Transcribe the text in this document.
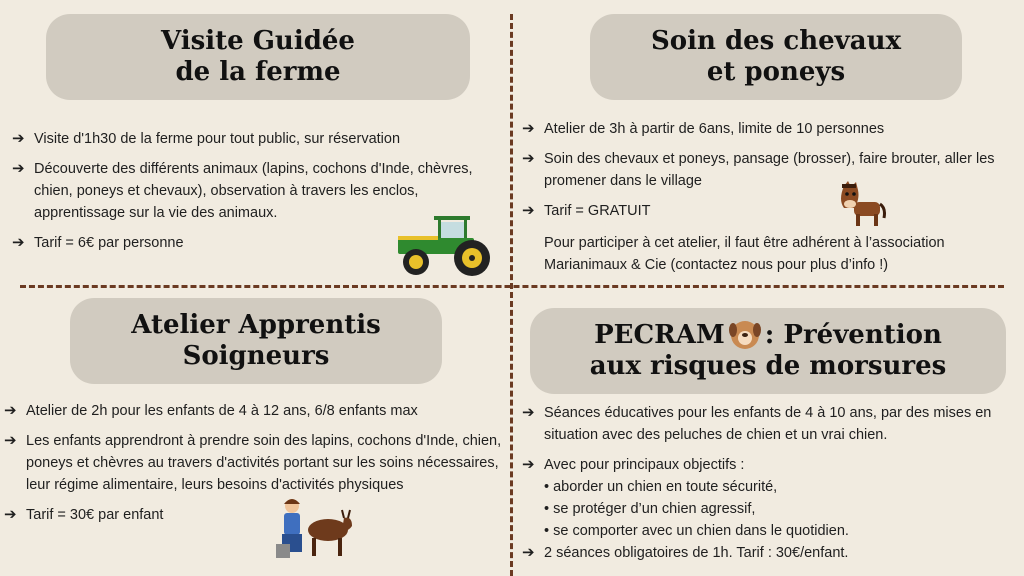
Visite Guidée
de la ferme
➔ Visite d'1h30 de la ferme pour tout public, sur réservation
➔ Découverte des différents animaux (lapins, cochons d'Inde, chèvres, chien, poneys et chevaux), observation à travers les enclos, apprentissage sur la vie des animaux.
➔ Tarif = 6€ par personne
Soin des chevaux
et poneys
➔ Atelier de 3h à partir de 6ans, limite de 10 personnes
➔ Soin des chevaux et poneys, pansage (brosser), faire brouter, aller les promener dans le village
➔ Tarif = GRATUIT
Pour participer à cet atelier, il faut être adhérent à l’association Marianimaux & Cie (contactez nous pour plus d’info !)
Atelier Apprentis
Soigneurs
➔ Atelier de 2h pour les enfants de 4 à 12 ans, 6/8 enfants max
➔ Les enfants apprendront à prendre soin des lapins, cochons d'Inde, chien, poneys et chèvres au travers d'activités portant sur les soins nécessaires, leur régime alimentaire, leurs besoins d'activités physiques
➔ Tarif = 30€ par enfant
PECRAM : Prévention
aux risques de morsures
➔ Séances éducatives pour les enfants de 4 à 10 ans, par des mises en situation avec des peluches de chien et un vrai chien.
➔ Avec pour principaux objectifs :
• aborder un chien en toute sécurité,
• se protéger d’un chien agressif,
• se comporter avec un chien dans le quotidien.
➔ 2 séances obligatoires de 1h. Tarif : 30€/enfant.
